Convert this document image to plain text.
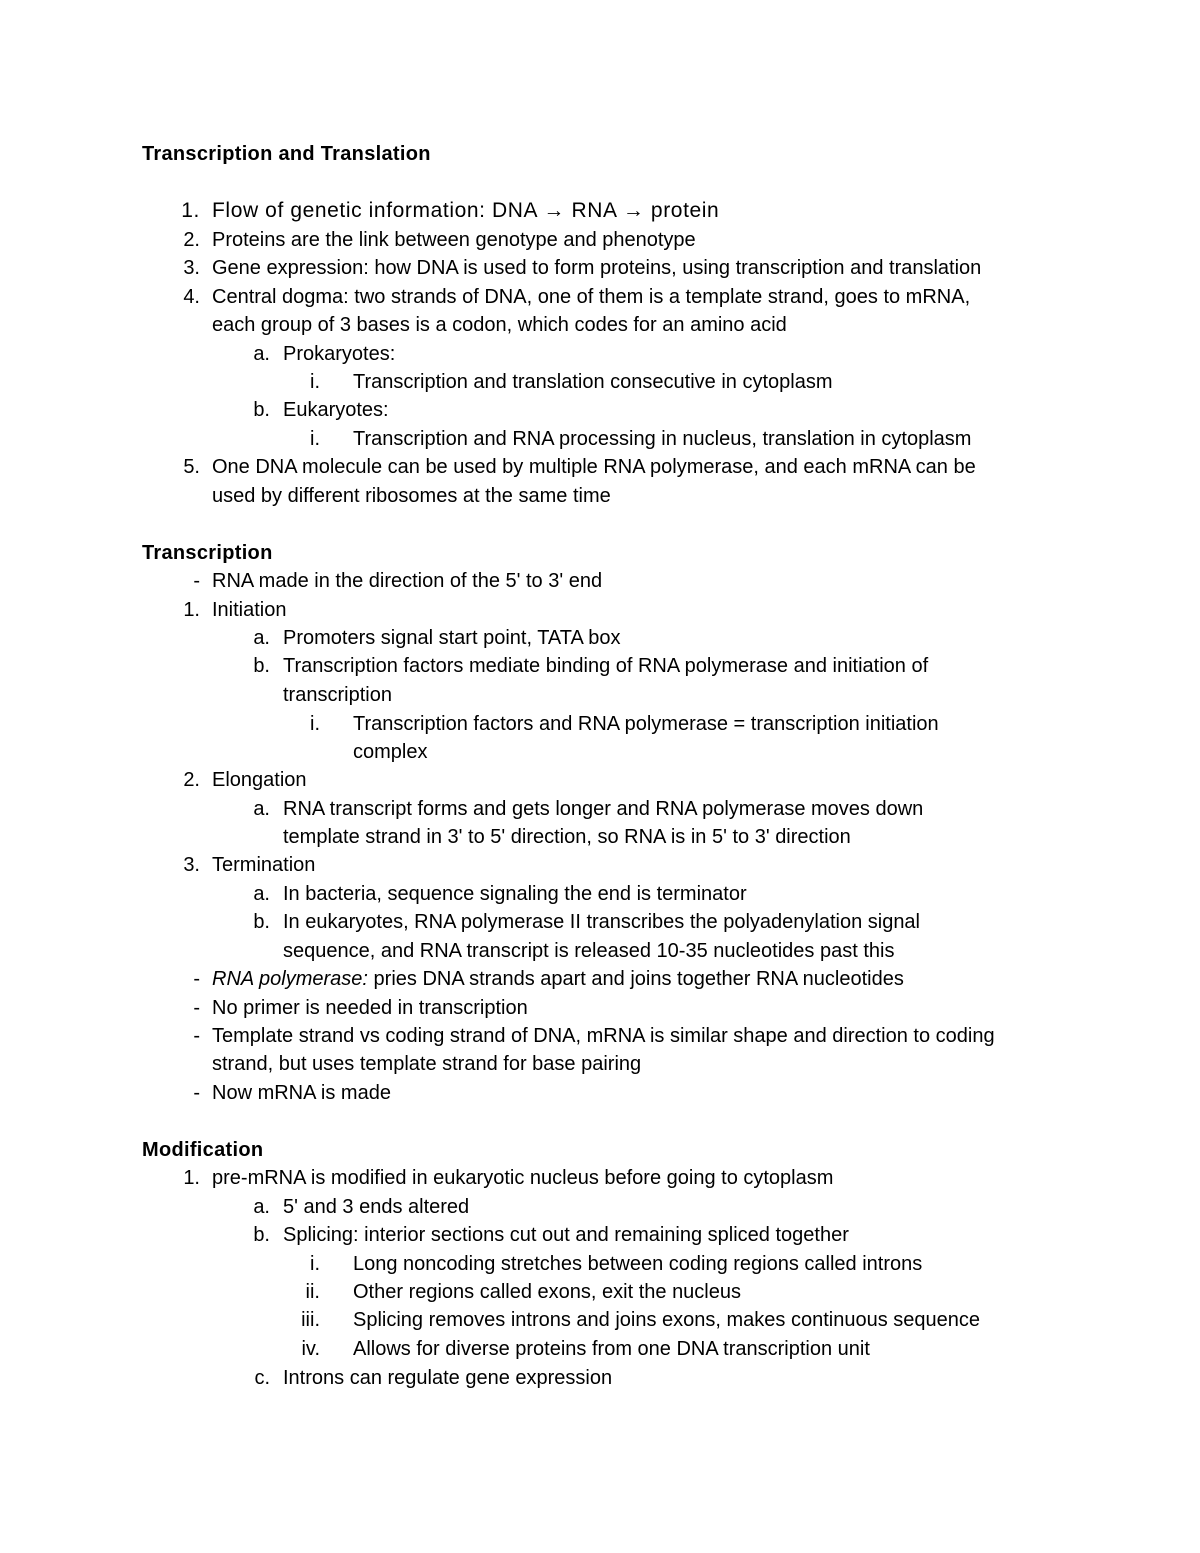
Transcription and Translation
1. Flow of genetic information: DNA → RNA → protein
2. Proteins are the link between genotype and phenotype
3. Gene expression: how DNA is used to form proteins, using transcription and translation
4. Central dogma: two strands of DNA, one of them is a template strand, goes to mRNA,
each group of 3 bases is a codon, which codes for an amino acid
a. Prokaryotes:
i. Transcription and translation consecutive in cytoplasm
b. Eukaryotes:
i. Transcription and RNA processing in nucleus, translation in cytoplasm
5. One DNA molecule can be used by multiple RNA polymerase, and each mRNA can be
used by different ribosomes at the same time
Transcription
- RNA made in the direction of the 5' to 3' end
1. Initiation
a. Promoters signal start point, TATA box
b. Transcription factors mediate binding of RNA polymerase and initiation of
transcription
i. Transcription factors and RNA polymerase = transcription initiation
complex
2. Elongation
a. RNA transcript forms and gets longer and RNA polymerase moves down
template strand in 3' to 5' direction, so RNA is in 5' to 3' direction
3. Termination
a. In bacteria, sequence signaling the end is terminator
b. In eukaryotes, RNA polymerase II transcribes the polyadenylation signal
sequence, and RNA transcript is released 10-35 nucleotides past this
- RNA polymerase: pries DNA strands apart and joins together RNA nucleotides
- No primer is needed in transcription
- Template strand vs coding strand of DNA, mRNA is similar shape and direction to coding
strand, but uses template strand for base pairing
- Now mRNA is made
Modification
1. pre-mRNA is modified in eukaryotic nucleus before going to cytoplasm
a. 5' and 3 ends altered
b. Splicing: interior sections cut out and remaining spliced together
i. Long noncoding stretches between coding regions called introns
ii. Other regions called exons, exit the nucleus
iii. Splicing removes introns and joins exons, makes continuous sequence
iv. Allows for diverse proteins from one DNA transcription unit
c. Introns can regulate gene expression
